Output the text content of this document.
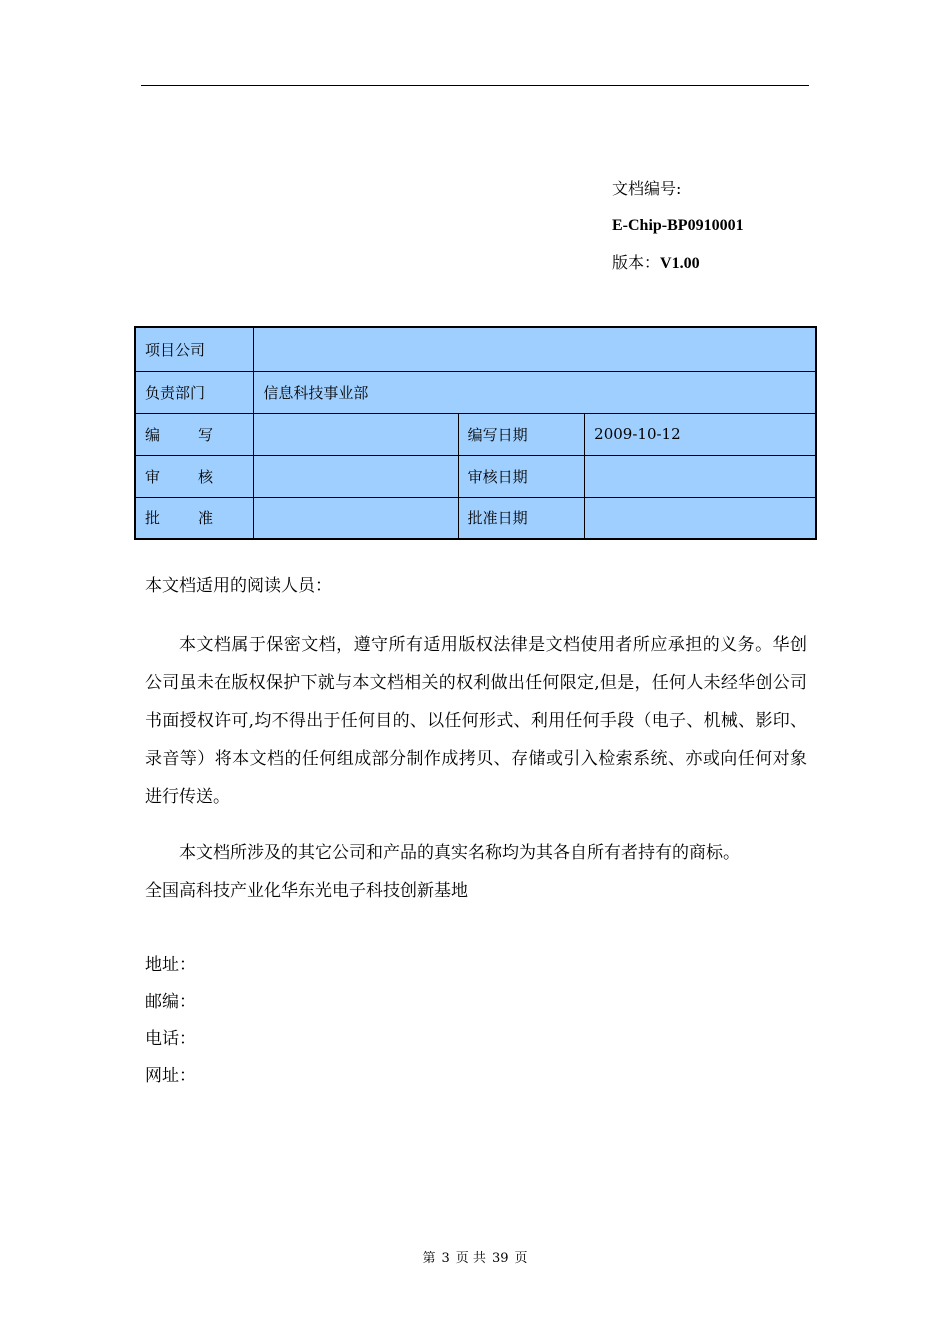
文档编号:
E-Chip-BP0910001
版本：V1.00
项目公司			
负责部门	信息科技事业部		
编写		编写日期	2009-10-12
审核		审核日期	
批准		批准日期	
本文档适用的阅读人员：
本文档属于保密文档，遵守所有适用版权法律是文档使用者所应承担的义务。华创公司虽未在版权保护下就与本文档相关的权利做出任何限定,但是，任何人未经华创公司书面授权许可,均不得出于任何目的、以任何形式、利用任何手段（电子、机械、影印、录音等）将本文档的任何组成部分制作成拷贝、存储或引入检索系统、亦或向任何对象进行传送。
本文档所涉及的其它公司和产品的真实名称均为其各自所有者持有的商标。
全国高科技产业化华东光电子科技创新基地
地址：
邮编：
电话：
网址：
第 3 页 共 39 页
